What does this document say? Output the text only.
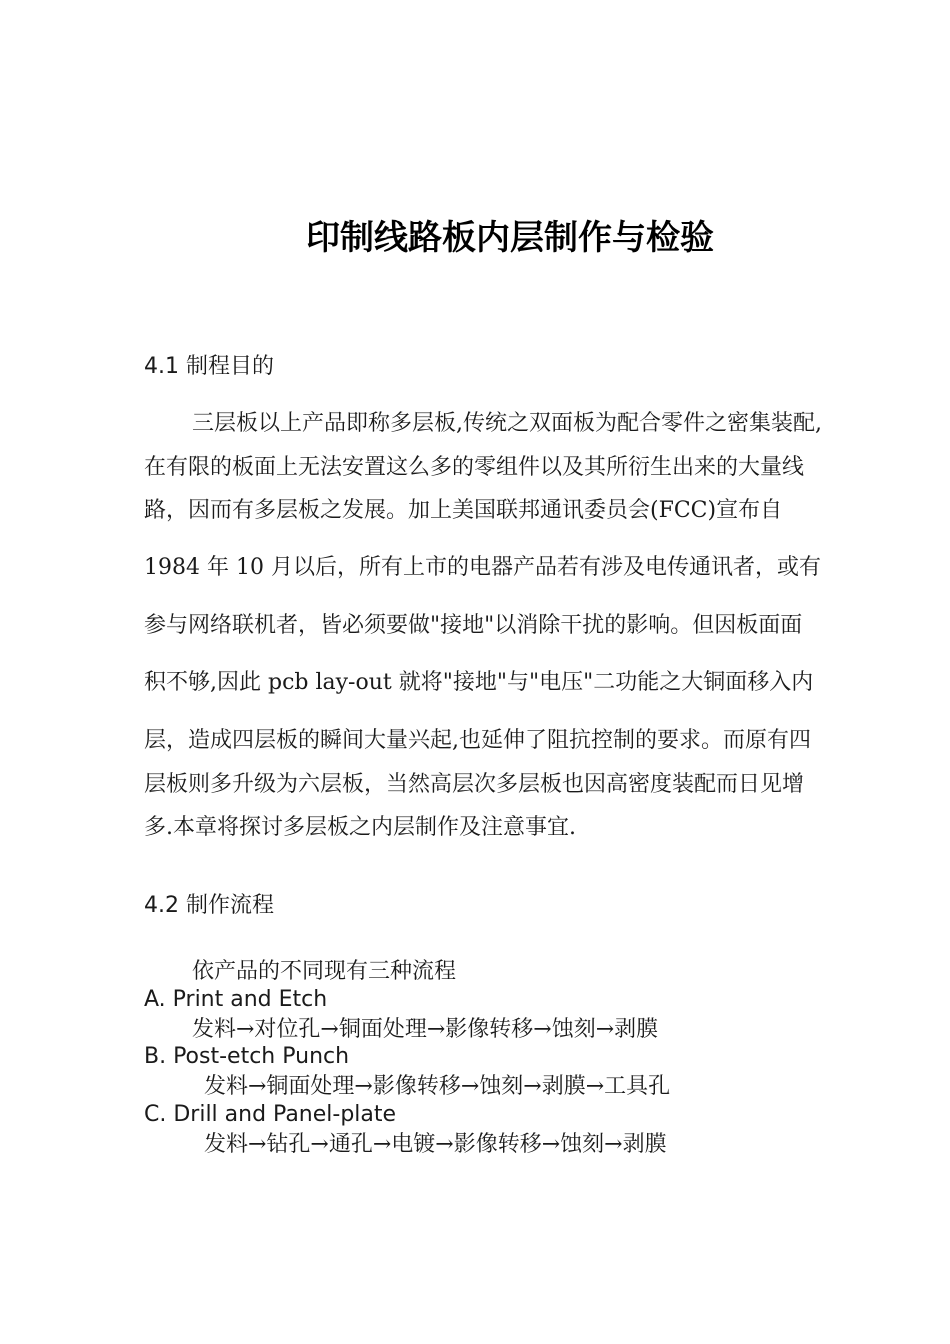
印制线路板内层制作与检验

4.1 制程目的

三层板以上产品即称多层板,传统之双面板为配合零件之密集装配,

在有限的板面上无法安置这么多的零组件以及其所衍生出来的大量线

路，因而有多层板之发展。加上美国联邦通讯委员会(FCC)宣布自

1984 年 10 月以后，所有上市的电器产品若有涉及电传通讯者，或有

参与网络联机者，皆必须要做"接地"以消除干扰的影响。但因板面面

积不够,因此 pcb lay-out 就将"接地"与"电压"二功能之大铜面移入内

层，造成四层板的瞬间大量兴起,也延伸了阻抗控制的要求。而原有四

层板则多升级为六层板，当然高层次多层板也因高密度装配而日见增

多.本章将探讨多层板之内层制作及注意事宜.

4.2 制作流程

依产品的不同现有三种流程

A. Print and Etch

发料→对位孔→铜面处理→影像转移→蚀刻→剥膜

B. Post-etch Punch

发料→铜面处理→影像转移→蚀刻→剥膜→工具孔

C. Drill and Panel-plate

发料→钻孔→通孔→电镀→影像转移→蚀刻→剥膜
